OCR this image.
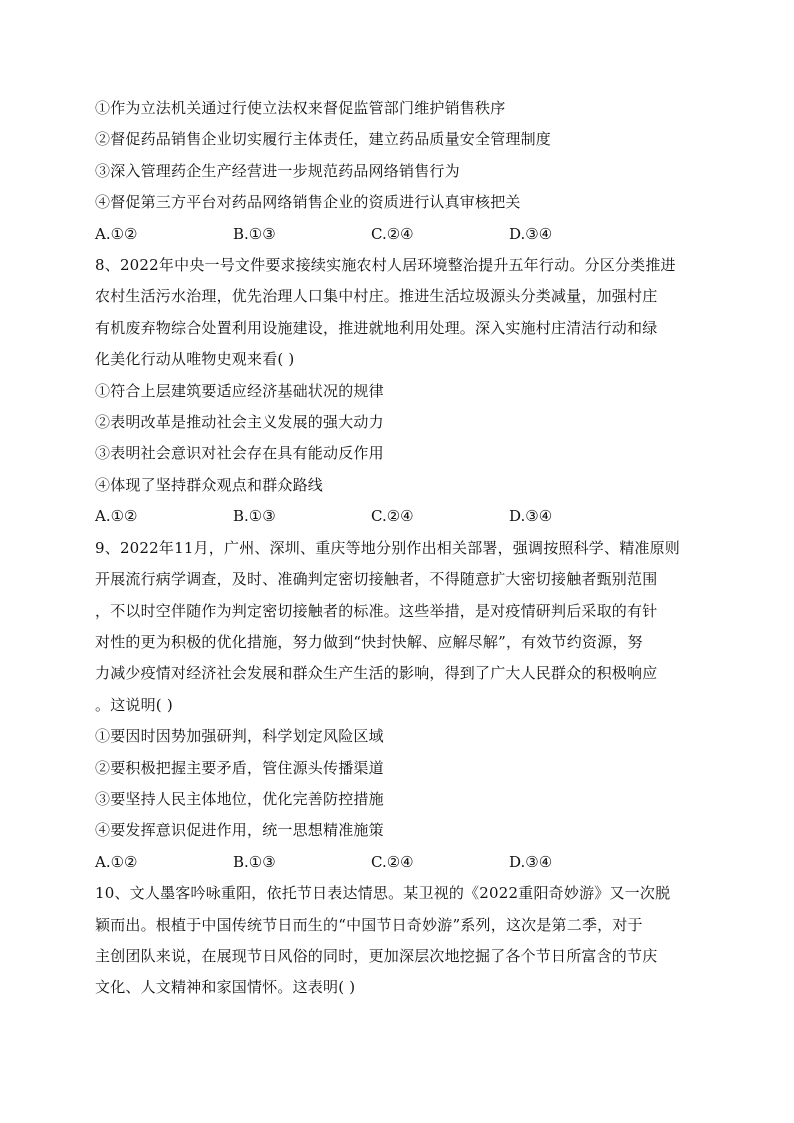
①作为立法机关通过行使立法权来督促监管部门维护销售秩序
②督促药品销售企业切实履行主体责任，建立药品质量安全管理制度
③深入管理药企生产经营进一步规范药品网络销售行为
④督促第三方平台对药品网络销售企业的资质进行认真审核把关
A.①②	B.①③	C.②④	D.③④
8、2022年中央一号文件要求接续实施农村人居环境整治提升五年行动。分区分类推进
农村生活污水治理，优先治理人口集中村庄。推进生活垃圾源头分类减量，加强村庄
有机废弃物综合处置利用设施建设，推进就地利用处理。深入实施村庄清洁行动和绿
化美化行动从唯物史观来看( )
①符合上层建筑要适应经济基础状况的规律
②表明改革是推动社会主义发展的强大动力
③表明社会意识对社会存在具有能动反作用
④体现了坚持群众观点和群众路线
A.①②	B.①③	C.②④	D.③④
9、2022年11月，广州、深圳、重庆等地分别作出相关部署，强调按照科学、精准原则
开展流行病学调查，及时、准确判定密切接触者，不得随意扩大密切接触者甄别范围
，不以时空伴随作为判定密切接触者的标准。这些举措，是对疫情研判后采取的有针
对性的更为积极的优化措施，努力做到“快封快解、应解尽解”，有效节约资源，努
力减少疫情对经济社会发展和群众生产生活的影响，得到了广大人民群众的积极响应
。这说明( )
①要因时因势加强研判，科学划定风险区域
②要积极把握主要矛盾，管住源头传播渠道
③要坚持人民主体地位，优化完善防控措施
④要发挥意识促进作用，统一思想精准施策
A.①②	B.①③	C.②④	D.③④
10、文人墨客吟咏重阳，依托节日表达情思。某卫视的《2022重阳奇妙游》又一次脱
颖而出。根植于中国传统节日而生的“中国节日奇妙游”系列，这次是第二季，对于
主创团队来说，在展现节日风俗的同时，更加深层次地挖掘了各个节日所富含的节庆
文化、人文精神和家国情怀。这表明( )
